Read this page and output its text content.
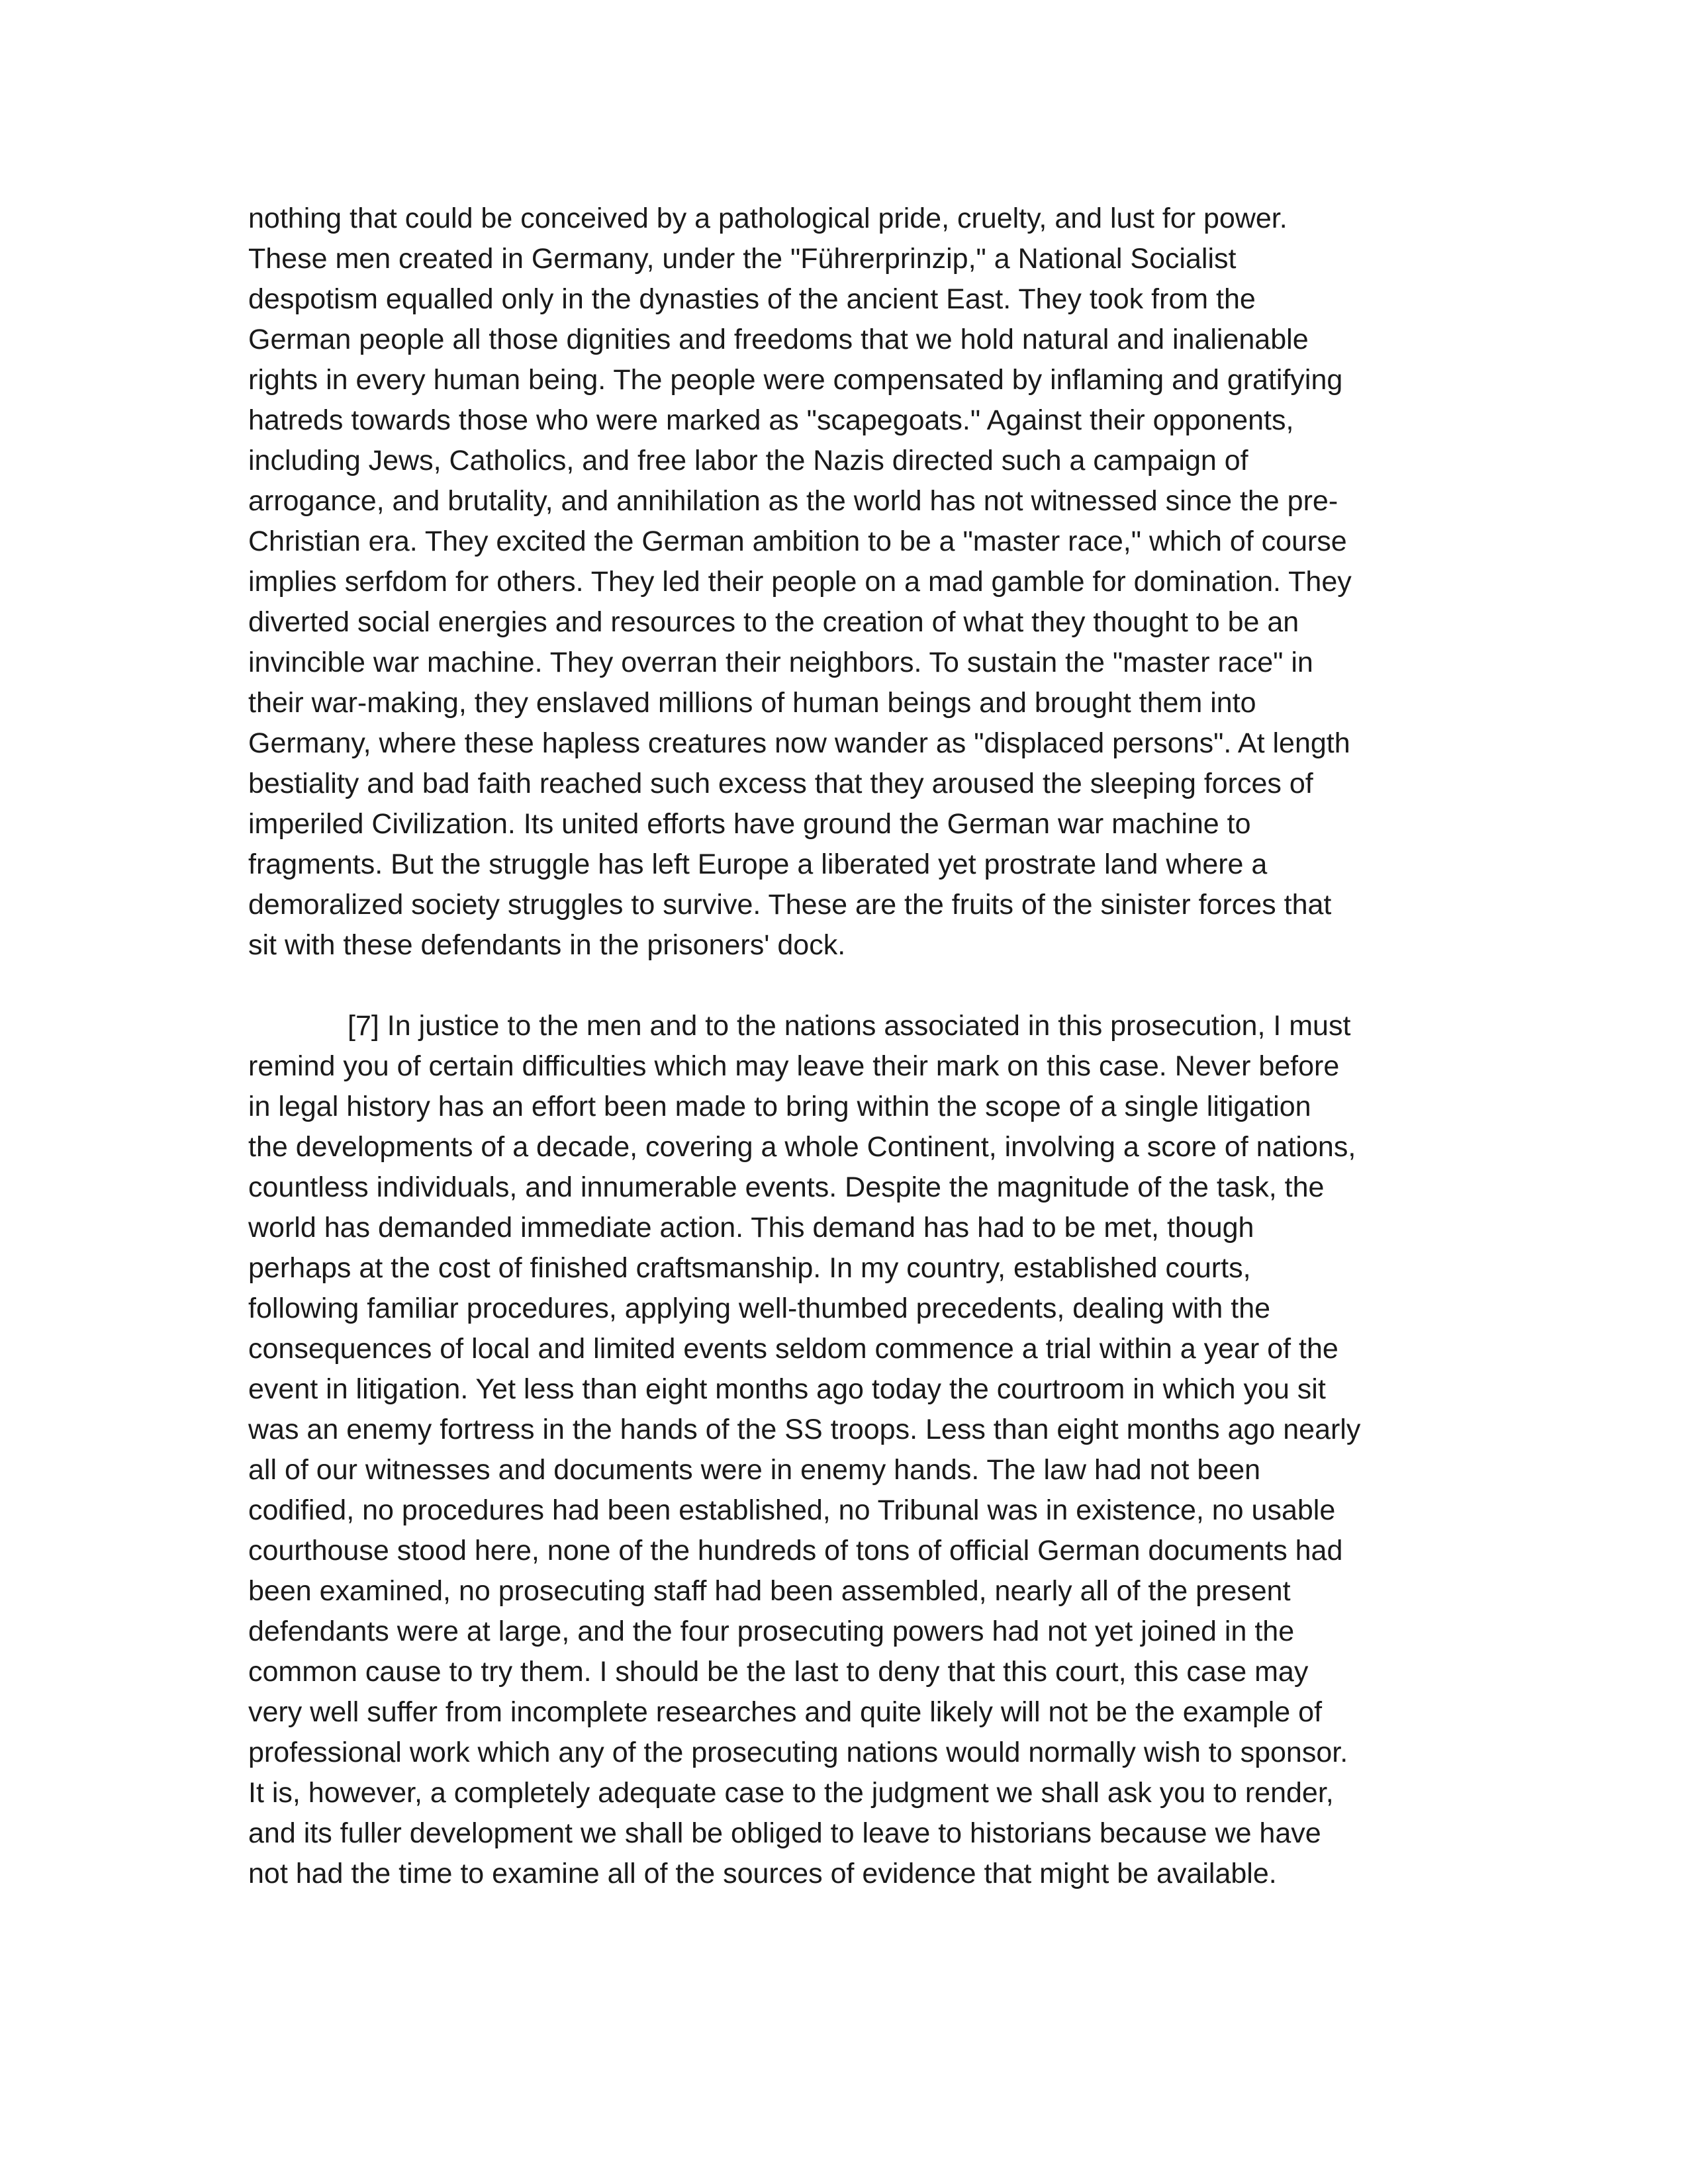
nothing that could be conceived by a pathological pride, cruelty, and lust for power.
These men created in Germany, under the "Führerprinzip," a National Socialist
despotism equalled only in the dynasties of the ancient East. They took from the
German people all those dignities and freedoms that we hold natural and inalienable
rights in every human being. The people were compensated by inflaming and gratifying
hatreds towards those who were marked as "scapegoats." Against their opponents,
including Jews, Catholics, and free labor the Nazis directed such a campaign of
arrogance, and brutality, and annihilation as the world has not witnessed since the pre-
Christian era. They excited the German ambition to be a "master race," which of course
implies serfdom for others. They led their people on a mad gamble for domination. They
diverted social energies and resources to the creation of what they thought to be an
invincible war machine. They overran their neighbors. To sustain the "master race" in
their war-making, they enslaved millions of human beings and brought them into
Germany, where these hapless creatures now wander as "displaced persons". At length
bestiality and bad faith reached such excess that they aroused the sleeping forces of
imperiled Civilization. Its united efforts have ground the German war machine to
fragments. But the struggle has left Europe a liberated yet prostrate land where a
demoralized society struggles to survive. These are the fruits of the sinister forces that
sit with these defendants in the prisoners' dock.
[7] In justice to the men and to the nations associated in this prosecution, I must
remind you of certain difficulties which may leave their mark on this case. Never before
in legal history has an effort been made to bring within the scope of a single litigation
the developments of a decade, covering a whole Continent, involving a score of nations,
countless individuals, and innumerable events. Despite the magnitude of the task, the
world has demanded immediate action. This demand has had to be met, though
perhaps at the cost of finished craftsmanship. In my country, established courts,
following familiar procedures, applying well-thumbed precedents, dealing with the
consequences of local and limited events seldom commence a trial within a year of the
event in litigation. Yet less than eight months ago today the courtroom in which you sit
was an enemy fortress in the hands of the SS troops. Less than eight months ago nearly
all of our witnesses and documents were in enemy hands. The law had not been
codified, no procedures had been established, no Tribunal was in existence, no usable
courthouse stood here, none of the hundreds of tons of official German documents had
been examined, no prosecuting staff had been assembled, nearly all of the present
defendants were at large, and the four prosecuting powers had not yet joined in the
common cause to try them. I should be the last to deny that this court, this case may
very well suffer from incomplete researches and quite likely will not be the example of
professional work which any of the prosecuting nations would normally wish to sponsor.
It is, however, a completely adequate case to the judgment we shall ask you to render,
and its fuller development we shall be obliged to leave to historians because we have
not had the time to examine all of the sources of evidence that might be available.
